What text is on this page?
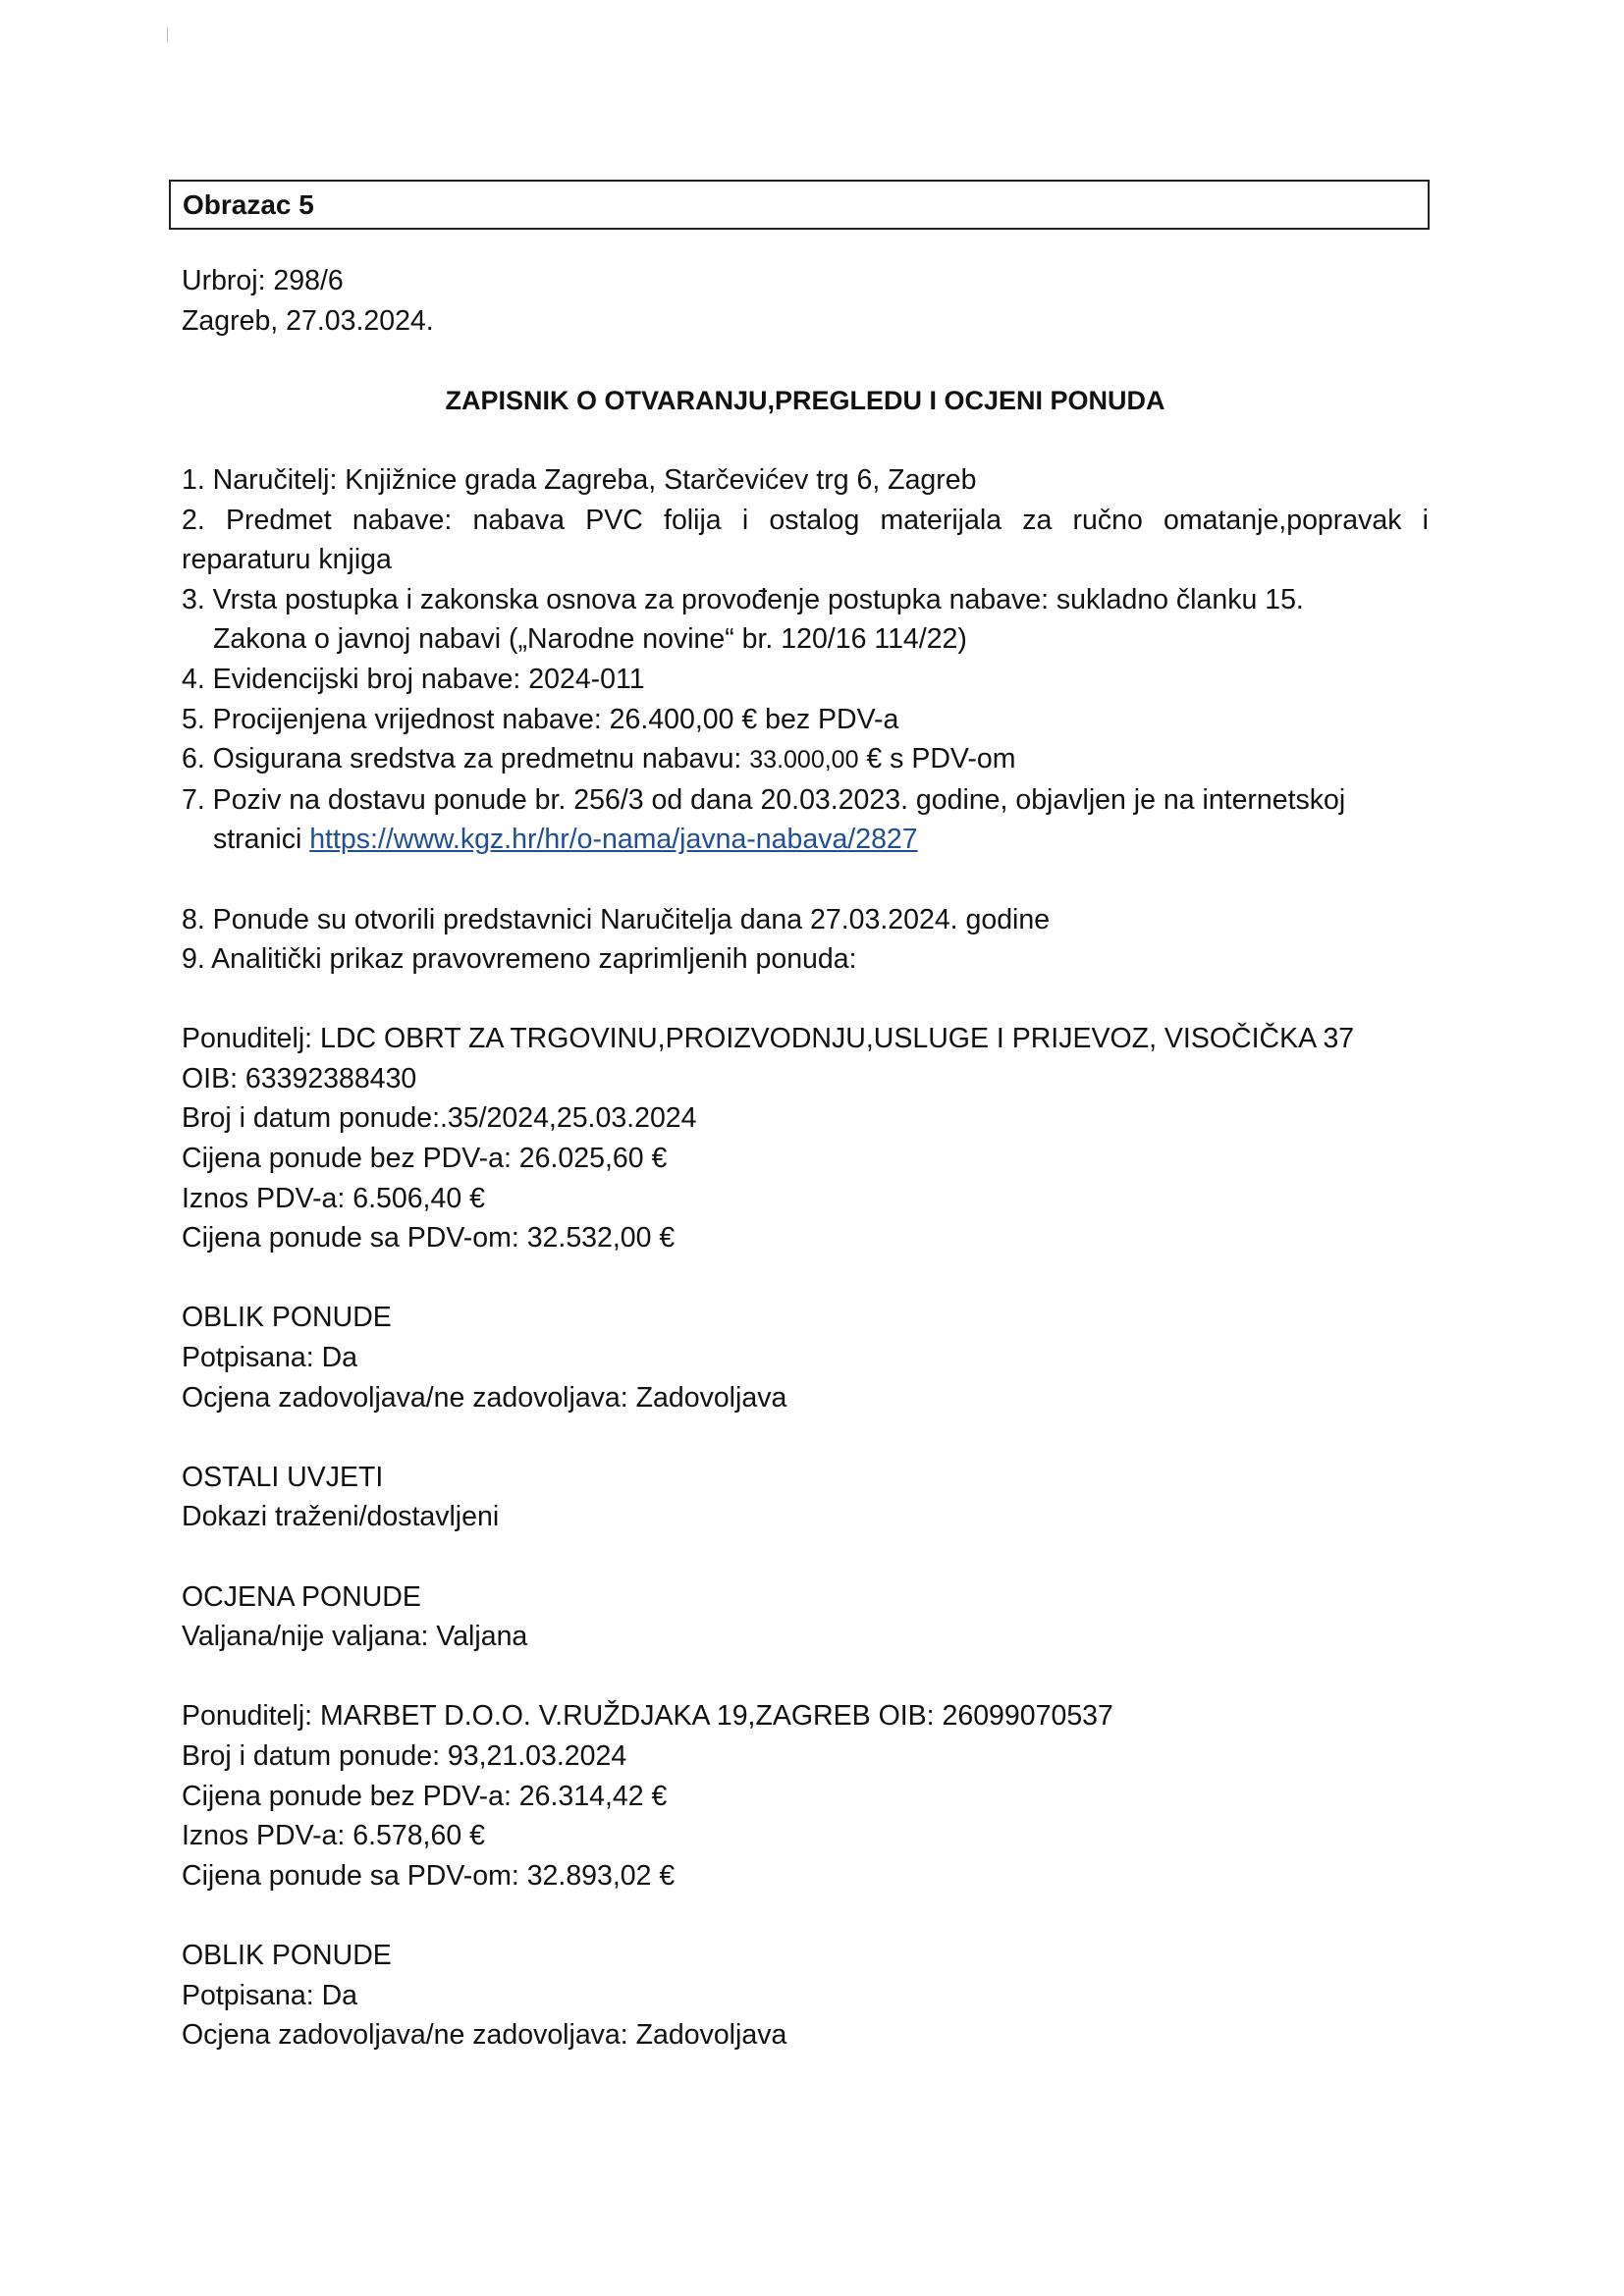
Obrazac 5

Urbroj: 298/6

Zagreb, 27.03.2024.

ZAPISNIK O OTVARANJU,PREGLEDU I OCJENI PONUDA

1. Naručitelj: Knjižnice grada Zagreba, Starčevićev trg 6, Zagreb

2. Predmet nabave: nabava PVC folija i ostalog materijala za ručno omatanje,popravak i

reparaturu knjiga

3. Vrsta postupka i zakonska osnova za provođenje postupka nabave: sukladno članku 15.

Zakona o javnoj nabavi („Narodne novine“ br. 120/16 114/22)

4. Evidencijski broj nabave: 2024-011

5. Procijenjena vrijednost nabave: 26.400,00 € bez PDV-a

6. Osigurana sredstva za predmetnu nabavu: 33.000,00 € s PDV-om

7. Poziv na dostavu ponude br. 256/3 od dana 20.03.2023. godine, objavljen je na internetskoj

stranici https://www.kgz.hr/hr/o-nama/javna-nabava/2827

8. Ponude su otvorili predstavnici Naručitelja dana 27.03.2024. godine

9. Analitički prikaz pravovremeno zaprimljenih ponuda:

Ponuditelj: LDC OBRT ZA TRGOVINU,PROIZVODNJU,USLUGE I PRIJEVOZ, VISOČIČKA 37

OIB: 63392388430

Broj i datum ponude:.35/2024,25.03.2024

Cijena ponude bez PDV-a: 26.025,60 €

Iznos PDV-a: 6.506,40 €

Cijena ponude sa PDV-om: 32.532,00 €

OBLIK PONUDE

Potpisana: Da

Ocjena zadovoljava/ne zadovoljava: Zadovoljava

OSTALI UVJETI

Dokazi traženi/dostavljeni

OCJENA PONUDE

Valjana/nije valjana: Valjana

Ponuditelj: MARBET D.O.O. V.RUŽDJAKA 19,ZAGREB OIB: 26099070537

Broj i datum ponude: 93,21.03.2024

Cijena ponude bez PDV-a: 26.314,42 €

Iznos PDV-a: 6.578,60 €

Cijena ponude sa PDV-om: 32.893,02 €

OBLIK PONUDE

Potpisana: Da

Ocjena zadovoljava/ne zadovoljava: Zadovoljava
